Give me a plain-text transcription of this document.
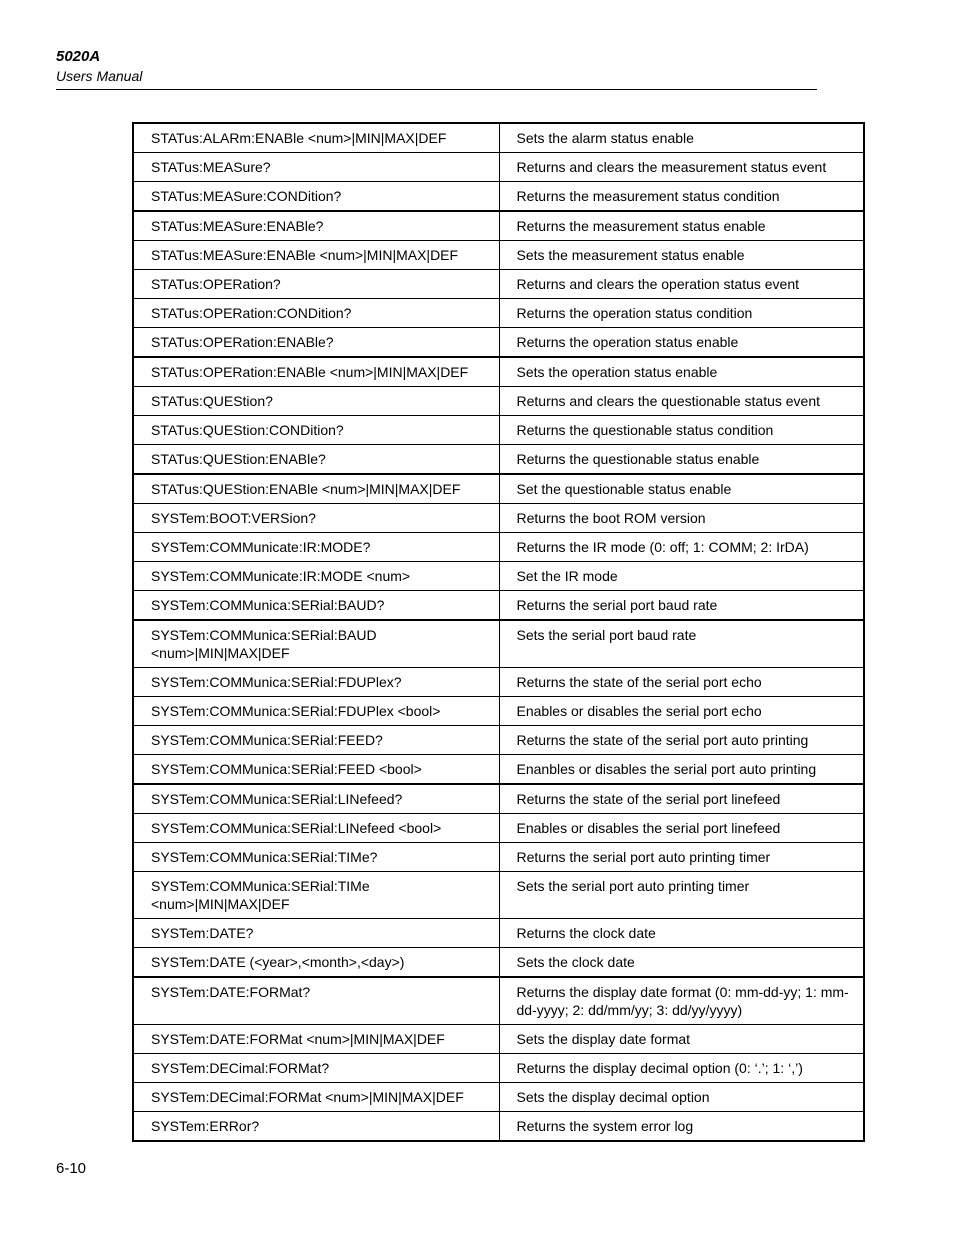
5020A
Users Manual
STATus:ALARm:ENABle <num>|MIN|MAX|DEF	Sets the alarm status enable
STATus:MEASure?	Returns and clears the measurement status event
STATus:MEASure:CONDition?	Returns the measurement status condition
STATus:MEASure:ENABle?	Returns the measurement status enable
STATus:MEASure:ENABle <num>|MIN|MAX|DEF	Sets the measurement status enable
STATus:OPERation?	Returns and clears the operation status event
STATus:OPERation:CONDition?	Returns the operation status condition
STATus:OPERation:ENABle?	Returns the operation status enable
STATus:OPERation:ENABle <num>|MIN|MAX|DEF	Sets the operation status enable
STATus:QUEStion?	Returns and clears the questionable status event
STATus:QUEStion:CONDition?	Returns the questionable status condition
STATus:QUEStion:ENABle?	Returns the questionable status enable
STATus:QUEStion:ENABle <num>|MIN|MAX|DEF	Set the questionable status enable
SYSTem:BOOT:VERSion?	Returns the boot ROM version
SYSTem:COMMunicate:IR:MODE?	Returns the IR mode (0: off; 1: COMM; 2: IrDA)
SYSTem:COMMunicate:IR:MODE <num>	Set the IR mode
SYSTem:COMMunica:SERial:BAUD?	Returns the serial port baud rate
SYSTem:COMMunica:SERial:BAUD <num>|MIN|MAX|DEF	Sets the serial port baud rate
SYSTem:COMMunica:SERial:FDUPlex?	Returns the state of the serial port echo
SYSTem:COMMunica:SERial:FDUPlex <bool>	Enables or disables the serial port echo
SYSTem:COMMunica:SERial:FEED?	Returns the state of the serial port auto printing
SYSTem:COMMunica:SERial:FEED <bool>	Enanbles or disables the serial port auto printing
SYSTem:COMMunica:SERial:LINefeed?	Returns the state of the serial port linefeed
SYSTem:COMMunica:SERial:LINefeed <bool>	Enables or disables the serial port linefeed
SYSTem:COMMunica:SERial:TIMe?	Returns the serial port auto printing timer
SYSTem:COMMunica:SERial:TIMe <num>|MIN|MAX|DEF	Sets the serial port auto printing timer
SYSTem:DATE?	Returns the clock date
SYSTem:DATE (<year>,<month>,<day>)	Sets the clock date
SYSTem:DATE:FORMat?	Returns the display date format (0: mm-dd-yy; 1: mm-dd-yyyy; 2: dd/mm/yy; 3: dd/yy/yyyy)
SYSTem:DATE:FORMat <num>|MIN|MAX|DEF	Sets the display date format
SYSTem:DECimal:FORMat?	Returns the display decimal option (0: ‘.’; 1: ‘,’)
SYSTem:DECimal:FORMat <num>|MIN|MAX|DEF	Sets the display decimal option
SYSTem:ERRor?	Returns the system error log
6-10
